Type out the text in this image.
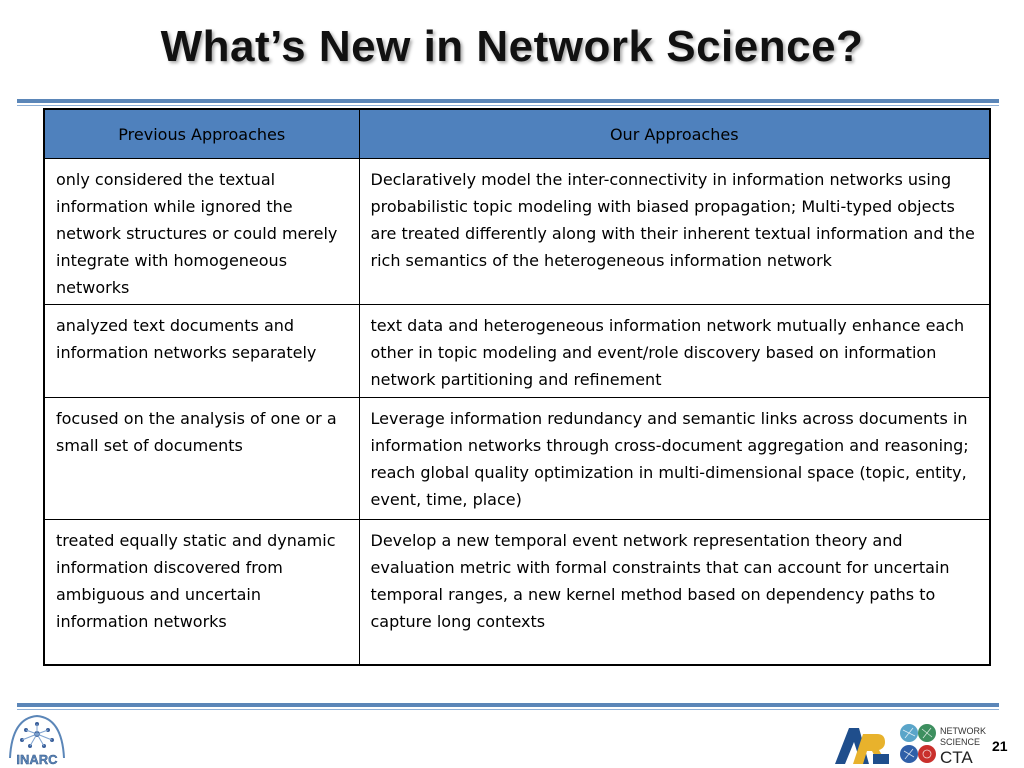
What’s New in Network Science?
Previous Approaches	Our Approaches
only considered the textual information while ignored the network structures or could merely integrate with homogeneous networks	Declaratively model the inter-connectivity in information networks using probabilistic topic modeling with biased propagation; Multi-typed objects are treated differently along with their inherent textual information and the rich semantics of the heterogeneous information network
analyzed text documents and information networks separately	text data and heterogeneous information network mutually enhance each other in topic modeling and event/role discovery based on information network partitioning and refinement
focused on the analysis of one or a small set of documents	Leverage information redundancy and semantic links across documents in information networks through cross-document aggregation and reasoning; reach global quality optimization in multi-dimensional space (topic, entity, event, time, place)
treated equally static and dynamic information discovered from ambiguous and uncertain information networks	Develop a new temporal event network representation theory and evaluation metric with formal constraints that can account for uncertain temporal ranges, a new kernel method based on dependency paths to capture long contexts
INARC
ARL
NETWORK
SCIENCE
CTA
21
